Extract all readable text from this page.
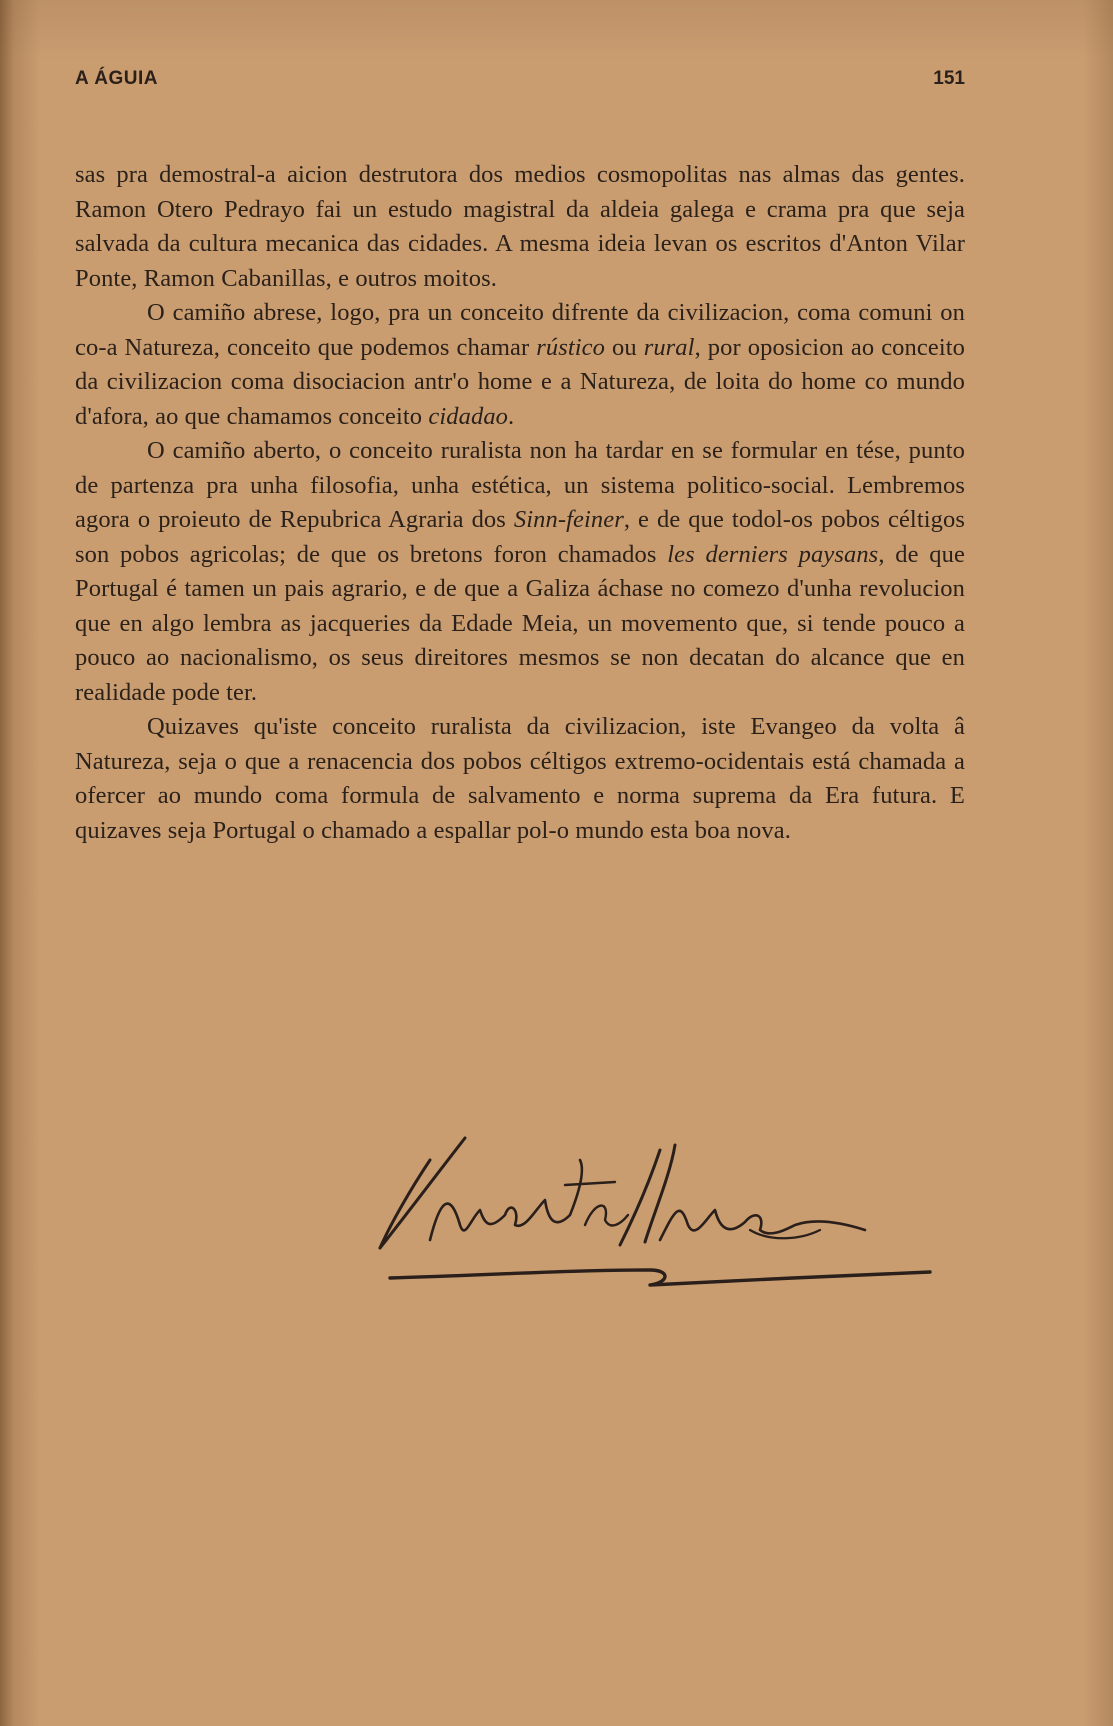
A ÁGUIA	151

sas pra demostral-a aicion destrutora dos medios cosmopolitas nas almas das gentes. Ramon Otero Pedrayo fai un estudo magistral da aldeia galega e crama pra que seja salvada da cultura mecanica das cidades. A mesma ideia levan os escritos d'Anton Vilar Ponte, Ramon Cabanillas, e outros moitos.

O camiño abrese, logo, pra un conceito difrente da civilizacion, coma comuni on co-a Natureza, conceito que podemos chamar rústico ou rural, por oposicion ao conceito da civilizacion coma disociacion antr'o home e a Natureza, de loita do home co mundo d'afora, ao que chamamos conceito cidadao.

O camiño aberto, o conceito ruralista non ha tardar en se formular en tése, punto de partenza pra unha filosofia, unha estética, un sistema politico-social. Lembremos agora o proieuto de Repubrica Agraria dos Sinn-feiner, e de que todol-os pobos céltigos son pobos agricolas; de que os bretons foron chamados les derniers paysans, de que Portugal é tamen un pais agrario, e de que a Galiza áchase no comezo d'unha revolucion que en algo lembra as jacqueries da Edade Meia, un movemento que, si tende pouco a pouco ao nacionalismo, os seus direitores mesmos se non decatan do alcance que en realidade pode ter.

Quizaves qu'iste conceito ruralista da civilizacion, iste Evangeo da volta â Natureza, seja o que a renacencia dos pobos céltigos extremo-ocidentais está chamada a ofercer ao mundo coma formula de salvamento e norma suprema da Era futura. E quizaves seja Portugal o chamado a espallar pol-o mundo esta boa nova.
